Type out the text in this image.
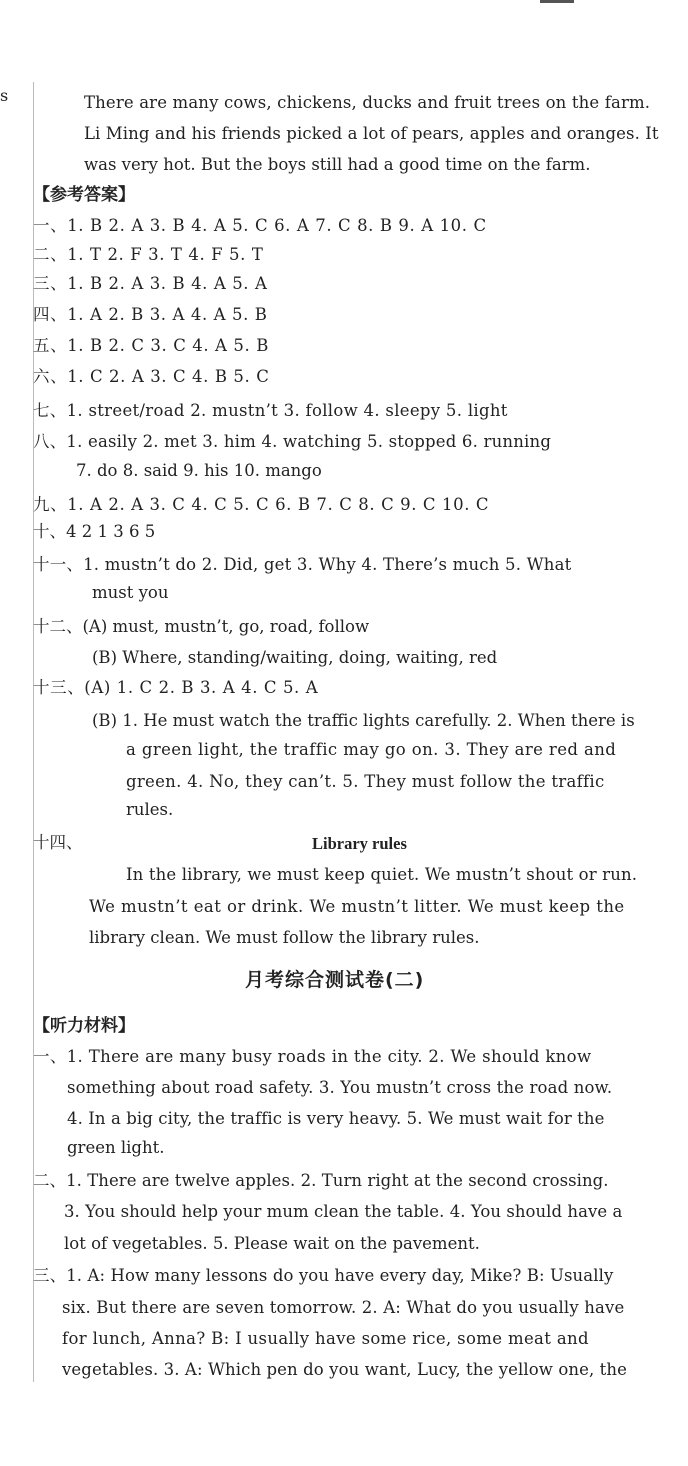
s	There are many cows, chickens, ducks and fruit trees on the farm.
Li Ming and his friends picked a lot of pears, apples and oranges. It
was very hot. But the boys still had a good time on the farm.
【参考答案】
一、1. B 2. A 3. B 4. A 5. C 6. A 7. C 8. B 9. A 10. C
二、1. T 2. F 3. T 4. F 5. T
三、1. B 2. A 3. B 4. A 5. A
四、1. A 2. B 3. A 4. A 5. B
五、1. B 2. C 3. C 4. A 5. B
六、1. C 2. A 3. C 4. B 5. C
七、1. street/road 2. mustn’t 3. follow 4. sleepy 5. light
八、1. easily 2. met 3. him 4. watching 5. stopped 6. running
7. do 8. said 9. his 10. mango
九、1. A 2. A 3. C 4. C 5. C 6. B 7. C 8. C 9. C 10. C
十、4 2 1 3 6 5
十一、1. mustn’t do 2. Did, get 3. Why 4. There’s much 5. What
must you
十二、(A) must, mustn’t, go, road, follow
(B) Where, standing/waiting, doing, waiting, red
十三、(A) 1. C 2. B 3. A 4. C 5. A
(B) 1. He must watch the traffic lights carefully. 2. When there is
a green light, the traffic may go on. 3. They are red and
green. 4. No, they can’t. 5. They must follow the traffic
rules.
十四、	Library rules
In the library, we must keep quiet. We mustn’t shout or run.
We mustn’t eat or drink. We mustn’t litter. We must keep the
library clean. We must follow the library rules.
月考综合测试卷(二)
【听力材料】
一、1. There are many busy roads in the city. 2. We should know
something about road safety. 3. You mustn’t cross the road now.
4. In a big city, the traffic is very heavy. 5. We must wait for the
green light.
二、1. There are twelve apples. 2. Turn right at the second crossing.
3. You should help your mum clean the table. 4. You should have a
lot of vegetables. 5. Please wait on the pavement.
三、1. A: How many lessons do you have every day, Mike? B: Usually
six. But there are seven tomorrow. 2. A: What do you usually have
for lunch, Anna? B: I usually have some rice, some meat and
vegetables. 3. A: Which pen do you want, Lucy, the yellow one, the
